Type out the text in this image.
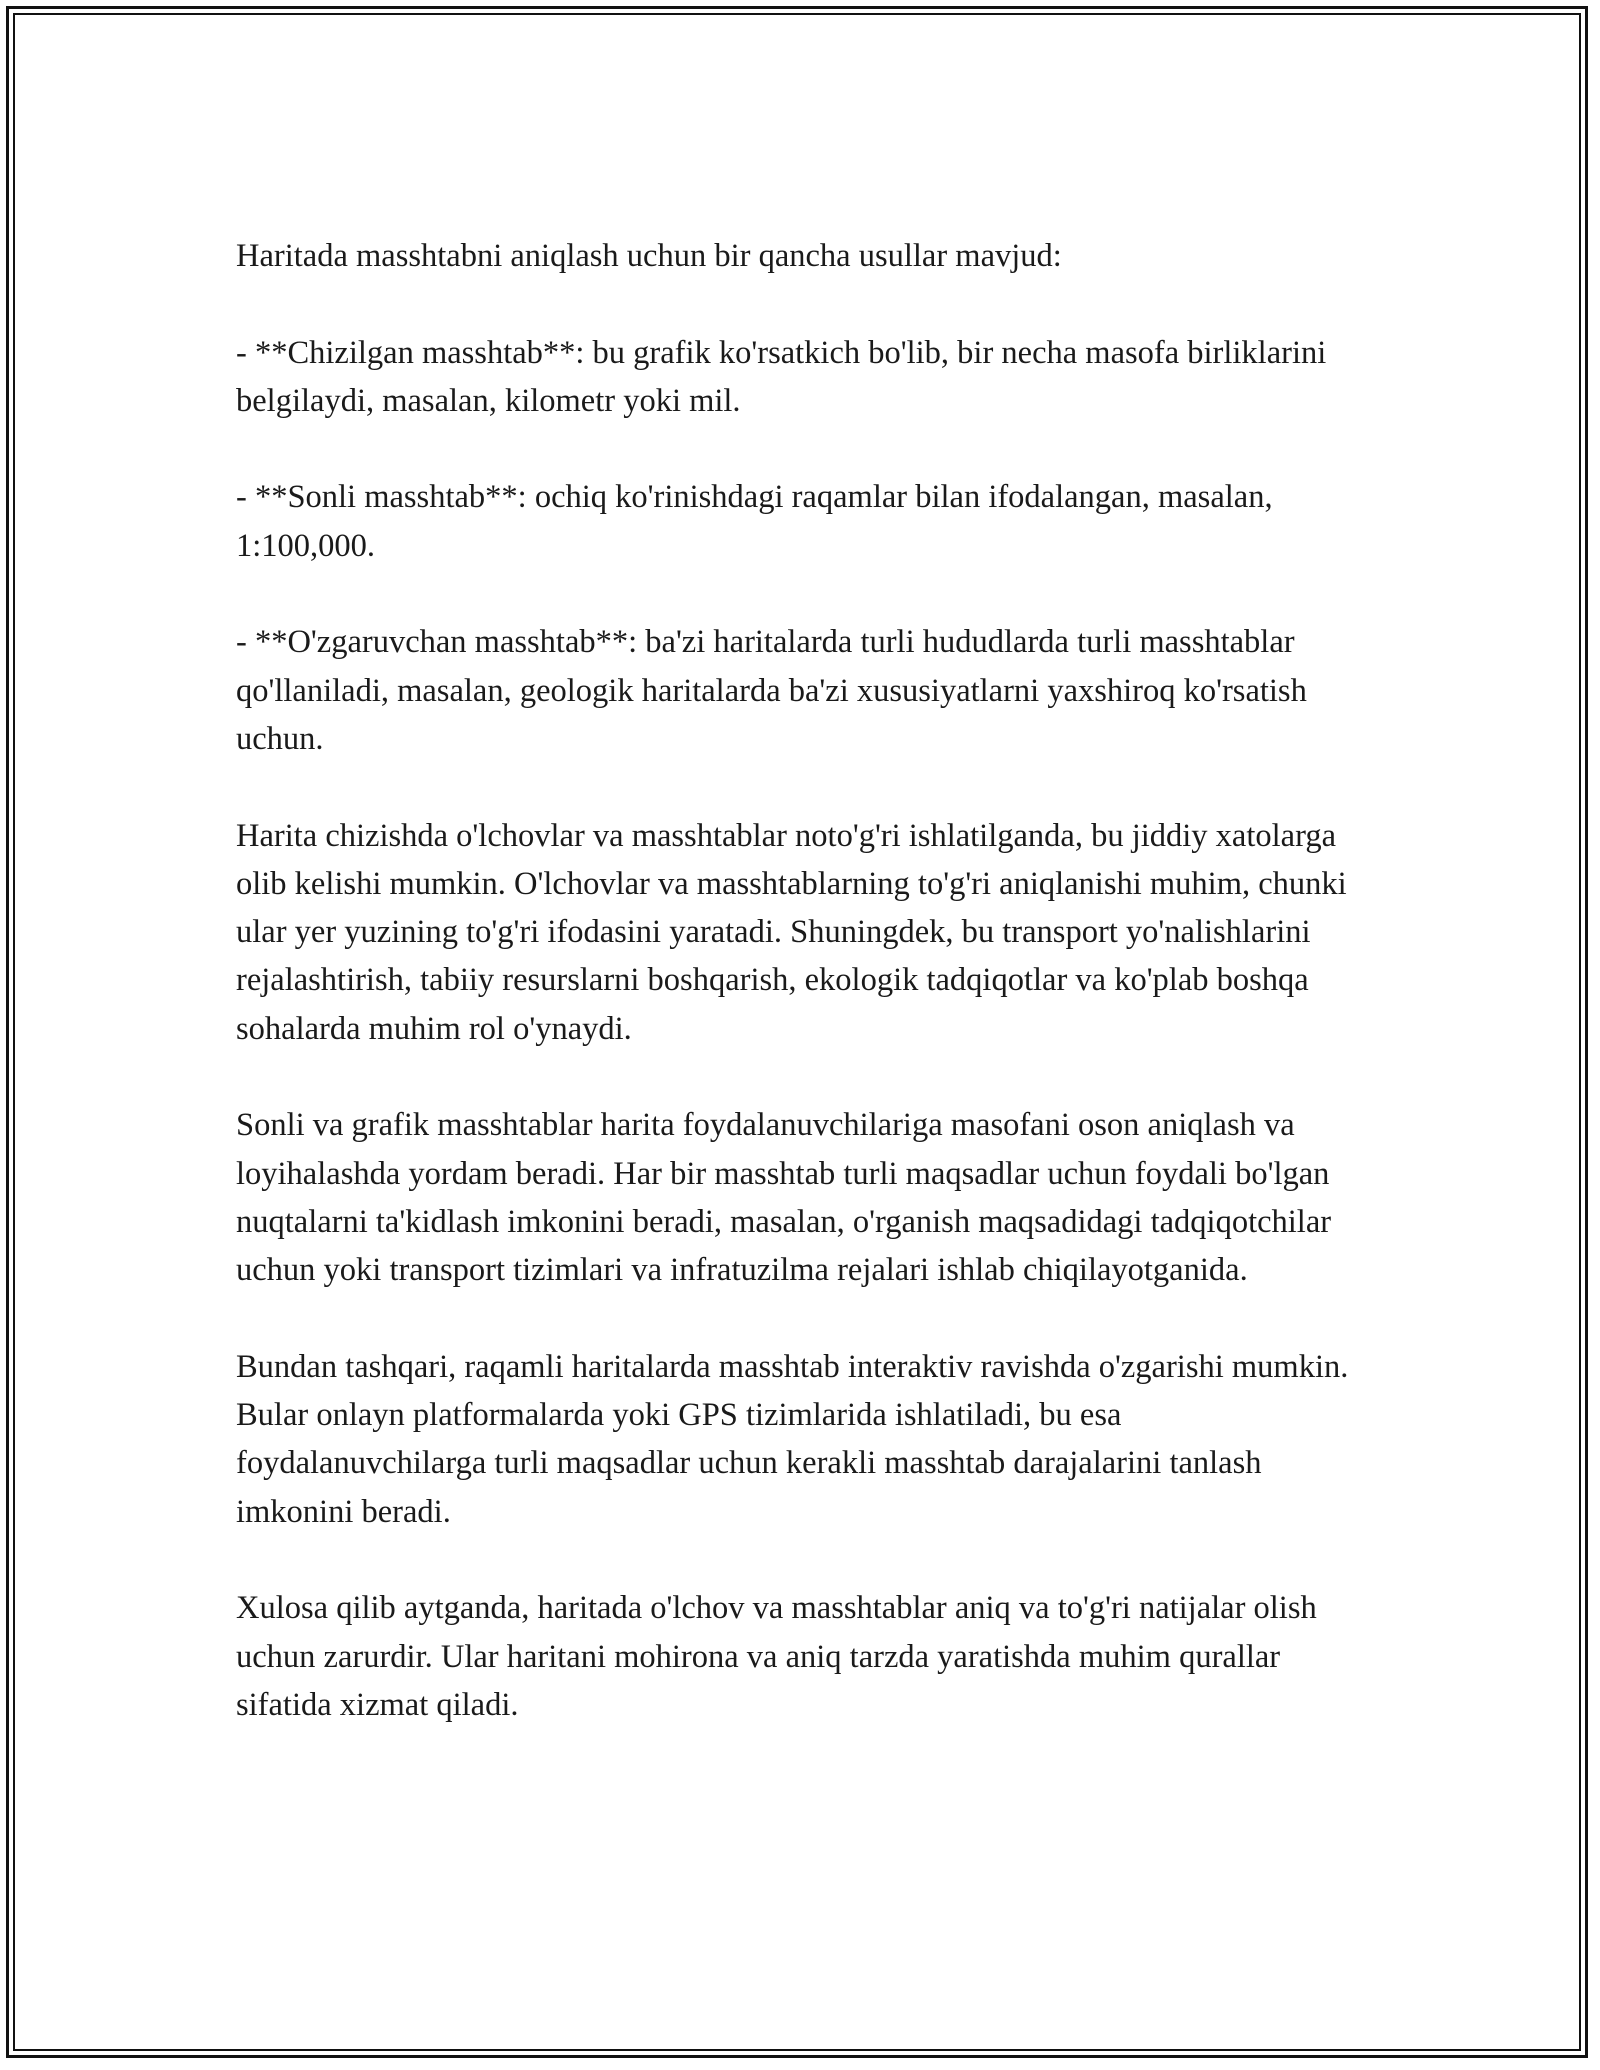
Haritada masshtabni aniqlash uchun bir qancha usullar mavjud:

- **Chizilgan masshtab**: bu grafik ko'rsatkich bo'lib, bir necha masofa birliklarini belgilaydi, masalan, kilometr yoki mil.

- **Sonli masshtab**: ochiq ko'rinishdagi raqamlar bilan ifodalangan, masalan, 1:100,000.

- **O'zgaruvchan masshtab**: ba'zi haritalarda turli hududlarda turli masshtablar qo'llaniladi, masalan, geologik haritalarda ba'zi xususiyatlarni yaxshiroq ko'rsatish uchun.

Harita chizishda o'lchovlar va masshtablar noto'g'ri ishlatilganda, bu jiddiy xatolarga olib kelishi mumkin. O'lchovlar va masshtablarning to'g'ri aniqlanishi muhim, chunki ular yer yuzining to'g'ri ifodasini yaratadi. Shuningdek, bu transport yo'nalishlarini rejalashtirish, tabiiy resurslarni boshqarish, ekologik tadqiqotlar va ko'plab boshqa sohalarda muhim rol o'ynaydi.

Sonli va grafik masshtablar harita foydalanuvchilariga masofani oson aniqlash va loyihalashda yordam beradi. Har bir masshtab turli maqsadlar uchun foydali bo'lgan nuqtalarni ta'kidlash imkonini beradi, masalan, o'rganish maqsadidagi tadqiqotchilar uchun yoki transport tizimlari va infratuzilma rejalari ishlab chiqilayotganida.

Bundan tashqari, raqamli haritalarda masshtab interaktiv ravishda o'zgarishi mumkin. Bular onlayn platformalarda yoki GPS tizimlarida ishlatiladi, bu esa foydalanuvchilarga turli maqsadlar uchun kerakli masshtab darajalarini tanlash imkonini beradi.

Xulosa qilib aytganda, haritada o'lchov va masshtablar aniq va to'g'ri natijalar olish uchun zarurdir. Ular haritani mohirona va aniq tarzda yaratishda muhim qurallar sifatida xizmat qiladi.
